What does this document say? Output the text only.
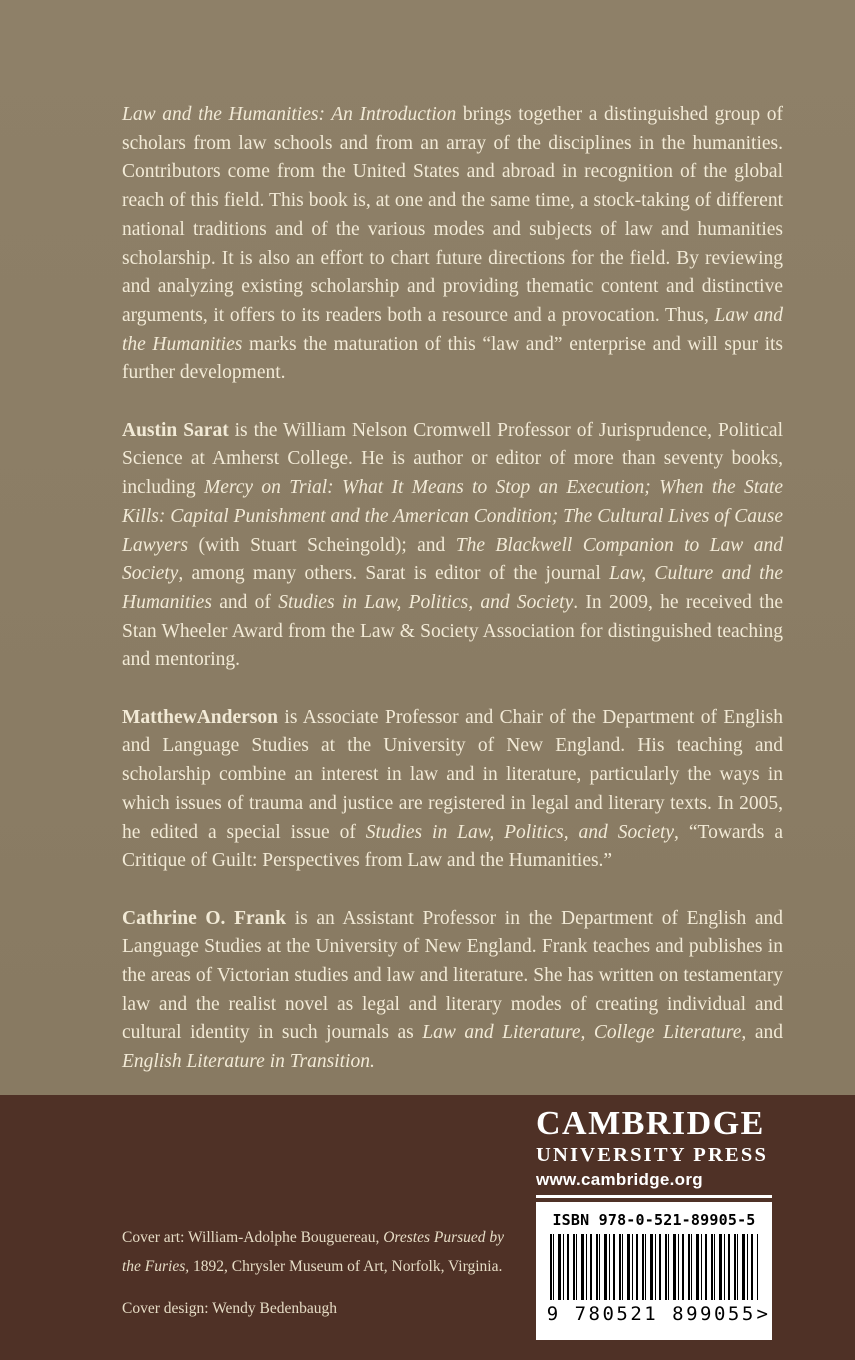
Law and the Humanities: An Introduction brings together a distinguished group of scholars from law schools and from an array of the disciplines in the humanities. Contributors come from the United States and abroad in recognition of the global reach of this field. This book is, at one and the same time, a stock-taking of different national traditions and of the various modes and subjects of law and humanities scholarship. It is also an effort to chart future directions for the field. By reviewing and analyzing existing scholarship and providing thematic content and distinctive arguments, it offers to its readers both a resource and a provocation. Thus, Law and the Humanities marks the maturation of this “law and” enterprise and will spur its further development.

Austin Sarat is the William Nelson Cromwell Professor of Jurisprudence, Political Science at Amherst College. He is author or editor of more than seventy books, including Mercy on Trial: What It Means to Stop an Execution; When the State Kills: Capital Punishment and the American Condition; The Cultural Lives of Cause Lawyers (with Stuart Scheingold); and The Blackwell Companion to Law and Society, among many others. Sarat is editor of the journal Law, Culture and the Humanities and of Studies in Law, Politics, and Society. In 2009, he received the Stan Wheeler Award from the Law & Society Association for distinguished teaching and mentoring.

MatthewAnderson is Associate Professor and Chair of the Department of English and Language Studies at the University of New England. His teaching and scholarship combine an interest in law and in literature, particularly the ways in which issues of trauma and justice are registered in legal and literary texts. In 2005, he edited a special issue of Studies in Law, Politics, and Society, “Towards a Critique of Guilt: Perspectives from Law and the Humanities.”

Cathrine O. Frank is an Assistant Professor in the Department of English and Language Studies at the University of New England. Frank teaches and publishes in the areas of Victorian studies and law and literature. She has written on testamentary law and the realist novel as legal and literary modes of creating individual and cultural identity in such journals as Law and Literature, College Literature, and English Literature in Transition.

Cover art: William-Adolphe Bouguereau, Orestes Pursued by the Furies, 1892, Chrysler Museum of Art, Norfolk, Virginia.

Cover design: Wendy Bedenbaugh

CAMBRIDGE
UNIVERSITY PRESS
www.cambridge.org
ISBN 978-0-521-89905-5
9 780521 899055 >
